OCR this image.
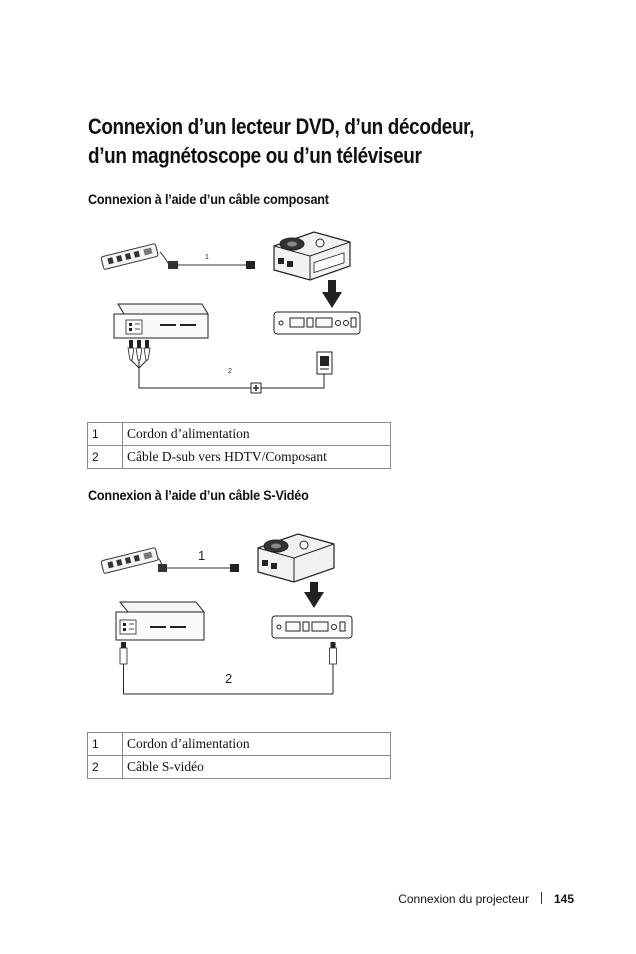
Connexion d’un lecteur DVD, d’un décodeur,
d’un magnétoscope ou d’un téléviseur
Connexion à l’aide d’un câble composant
1
2
1	Cordon d’alimentation
2	Câble D-sub vers HDTV/Composant
Connexion à l’aide d’un câble S-Vidéo
1
2
1	Cordon d’alimentation
2	Câble S-vidéo
Connexion du projecteur 145
